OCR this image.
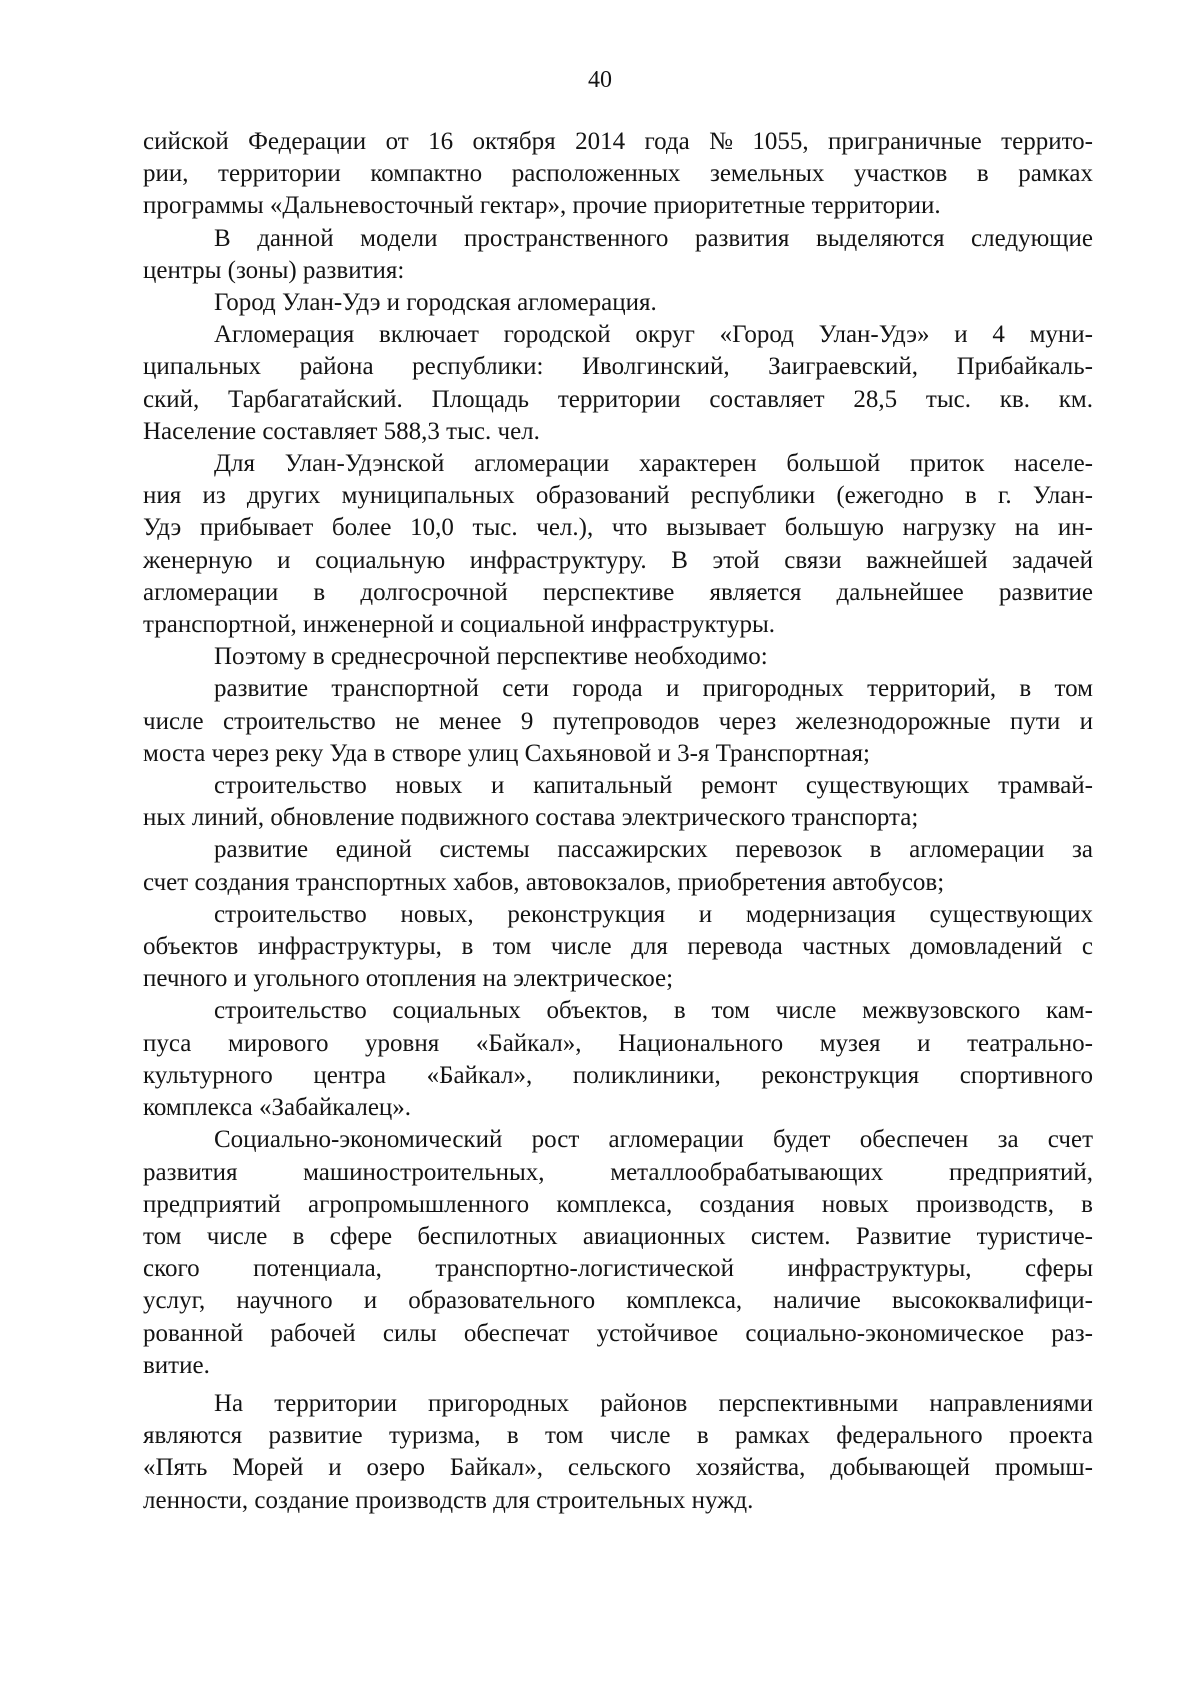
40
сийской Федерации от 16 октября 2014 года № 1055, приграничные террито-
рии, территории компактно расположенных земельных участков в рамках
программы «Дальневосточный гектар», прочие приоритетные территории.
В данной модели пространственного развития выделяются следующие
центры (зоны) развития:
Город Улан-Удэ и городская агломерация.
Агломерация включает городской округ «Город Улан-Удэ» и 4 муни-
ципальных района республики: Иволгинский, Заиграевский, Прибайкаль-
ский, Тарбагатайский. Площадь территории составляет 28,5 тыс. кв. км.
Население составляет 588,3 тыс. чел.
Для Улан-Удэнской агломерации характерен большой приток населе-
ния из других муниципальных образований республики (ежегодно в г. Улан-
Удэ прибывает более 10,0 тыс. чел.), что вызывает большую нагрузку на ин-
женерную и социальную инфраструктуру. В этой связи важнейшей задачей
агломерации в долгосрочной перспективе является дальнейшее развитие
транспортной, инженерной и социальной инфраструктуры.
Поэтому в среднесрочной перспективе необходимо:
развитие транспортной сети города и пригородных территорий, в том
числе строительство не менее 9 путепроводов через железнодорожные пути и
моста через реку Уда в створе улиц Сахьяновой и 3-я Транспортная;
строительство новых и капитальный ремонт существующих трамвай-
ных линий, обновление подвижного состава электрического транспорта;
развитие единой системы пассажирских перевозок в агломерации за
счет создания транспортных хабов, автовокзалов, приобретения автобусов;
строительство новых, реконструкция и модернизация существующих
объектов инфраструктуры, в том числе для перевода частных домовладений с
печного и угольного отопления на электрическое;
строительство социальных объектов, в том числе межвузовского кам-
пуса мирового уровня «Байкал», Национального музея и театрально-
культурного центра «Байкал», поликлиники, реконструкция спортивного
комплекса «Забайкалец».
Социально-экономический рост агломерации будет обеспечен за счет
развития машиностроительных, металлообрабатывающих предприятий,
предприятий агропромышленного комплекса, создания новых производств, в
том числе в сфере беспилотных авиационных систем. Развитие туристиче-
ского потенциала, транспортно-логистической инфраструктуры, сферы
услуг, научного и образовательного комплекса, наличие высококвалифици-
рованной рабочей силы обеспечат устойчивое социально-экономическое раз-
витие.
На территории пригородных районов перспективными направлениями
являются развитие туризма, в том числе в рамках федерального проекта
«Пять Морей и озеро Байкал», сельского хозяйства, добывающей промыш-
ленности, создание производств для строительных нужд.
